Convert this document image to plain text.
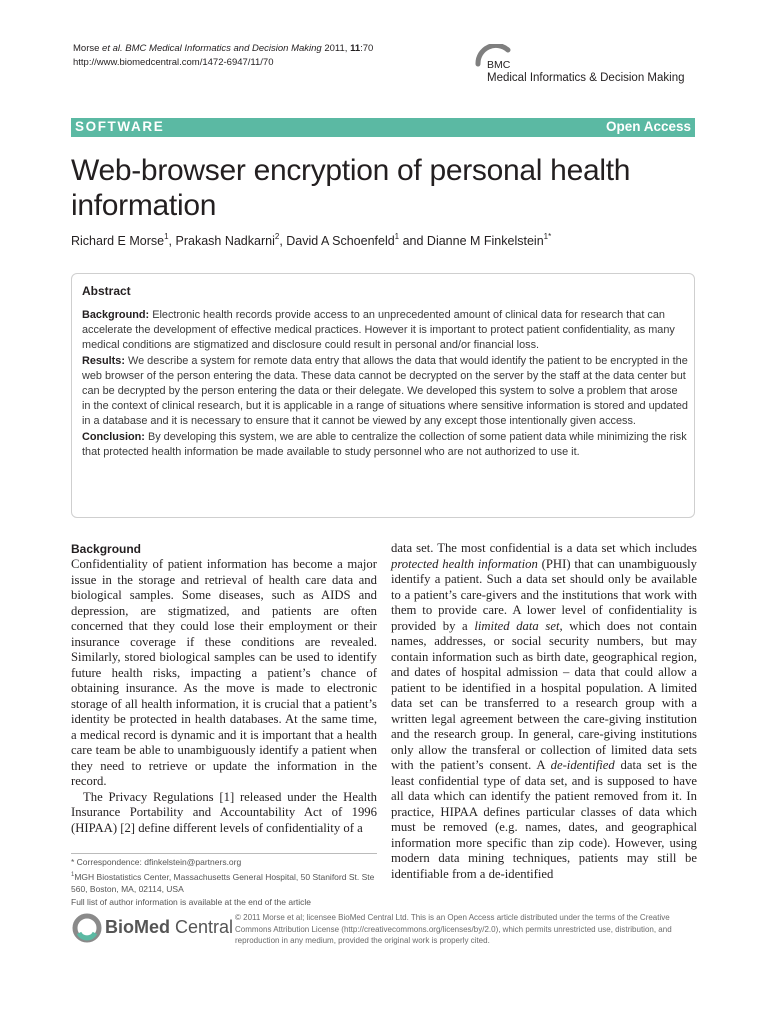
Morse et al. BMC Medical Informatics and Decision Making 2011, 11:70
http://www.biomedcentral.com/1472-6947/11/70	BMC
Medical Informatics & Decision Making
SOFTWARE	Open Access
Web-browser encryption of personal health information
Richard E Morse$^1$, Prakash Nadkarni$^2$, David A Schoenfeld$^1$ and Dianne M Finkelstein$^{1*}$
Abstract

Background: Electronic health records provide access to an unprecedented amount of clinical data for research that can accelerate the development of effective medical practices. However it is important to protect patient confidentiality, as many medical conditions are stigmatized and disclosure could result in personal and/or financial loss.

Results: We describe a system for remote data entry that allows the data that would identify the patient to be encrypted in the web browser of the person entering the data. These data cannot be decrypted on the server by the staff at the data center but can be decrypted by the person entering the data or their delegate. We developed this system to solve a problem that arose in the context of clinical research, but it is applicable in a range of situations where sensitive information is stored and updated in a database and it is necessary to ensure that it cannot be viewed by any except those intentionally given access.

Conclusion: By developing this system, we are able to centralize the collection of some patient data while minimizing the risk that protected health information be made available to study personnel who are not authorized to use it.

Background

Confidentiality of patient information has become a major issue in the storage and retrieval of health care data and biological samples. Some diseases, such as AIDS and depression, are stigmatized, and patients are often concerned that they could lose their employment or their insurance coverage if these conditions are revealed. Similarly, stored biological samples can be used to identify future health risks, impacting a patient’s chance of obtaining insurance. As the move is made to electronic storage of all health information, it is crucial that a patient’s identity be protected in health databases. At the same time, a medical record is dynamic and it is important that a health care team be able to unambiguously identify a patient when they need to retrieve or update the information in the record.

The Privacy Regulations [1] released under the Health Insurance Portability and Accountability Act of 1996 (HIPAA) [2] define different levels of confidentiality of a

data set. The most confidential is a data set which includes protected health information (PHI) that can unambiguously identify a patient. Such a data set should only be available to a patient’s care-givers and the institutions that work with them to provide care. A lower level of confidentiality is provided by a limited data set, which does not contain names, addresses, or social security numbers, but may contain information such as birth date, geographical region, and dates of hospital admission – data that could allow a patient to be identified in a hospital population. A limited data set can be transferred to a research group with a written legal agreement between the care-giving institution and the research group. In general, care-giving institutions only allow the transferal or collection of limited data sets with the patient’s consent. A de-identified data set is the least confidential type of data set, and is supposed to have all data which can identify the patient removed from it. In practice, HIPAA defines particular classes of data which must be removed (e.g. names, dates, and geographical information more specific than zip code). However, using modern data mining techniques, patients may still be identifiable from a de-identified

* Correspondence: dfinkelstein@partners.org
$^1$MGH Biostatistics Center, Massachusetts General Hospital, 50 Staniford St. Ste 560, Boston, MA, 02114, USA
Full list of author information is available at the end of the article
BioMed Central © 2011 Morse et al; licensee BioMed Central Ltd. This is an Open Access article distributed under the terms of the Creative Commons Attribution License (http://creativecommons.org/licenses/by/2.0), which permits unrestricted use, distribution, and reproduction in any medium, provided the original work is properly cited.
